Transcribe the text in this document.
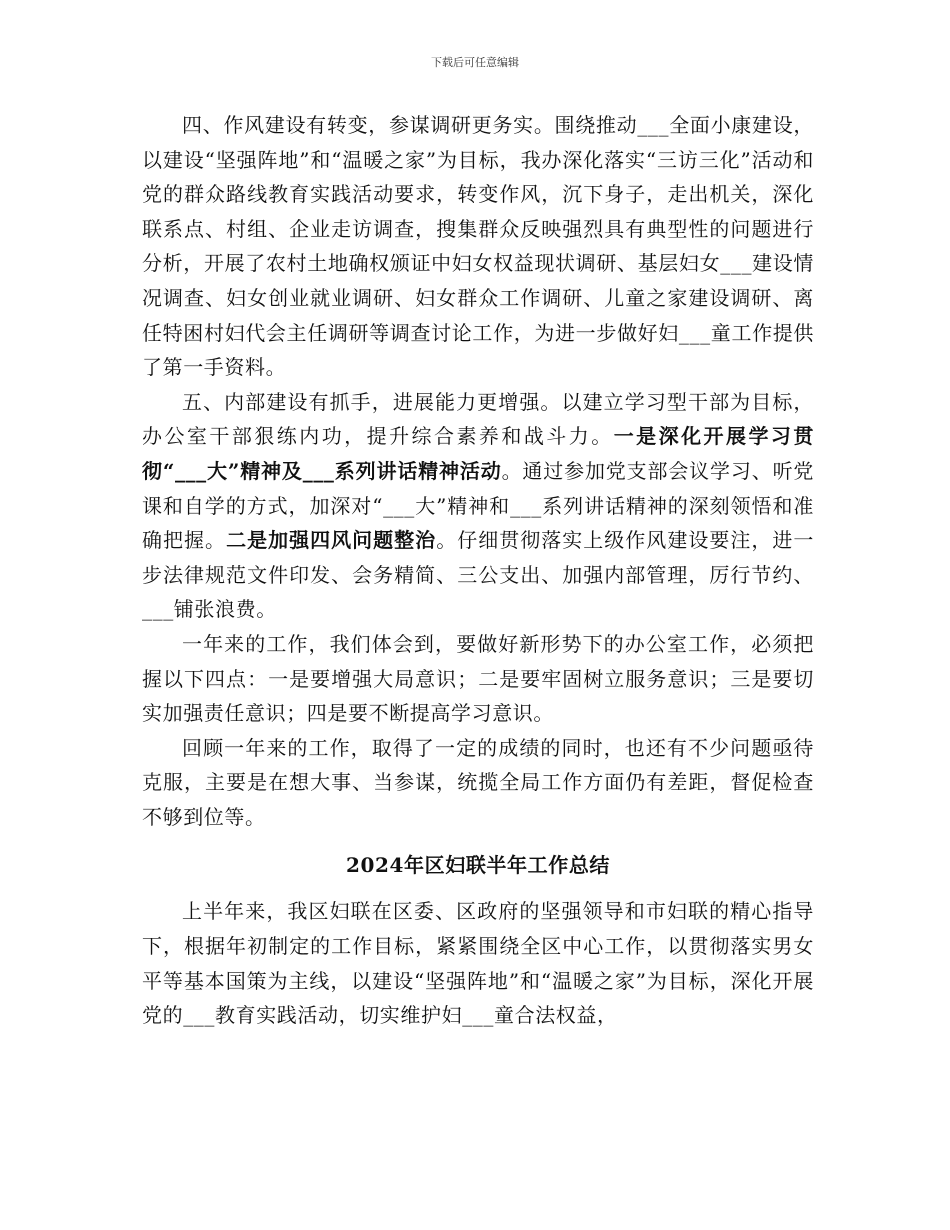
下载后可任意编辑

四、作风建设有转变，参谋调研更务实。围绕推动___全面小康建设，以建设“坚强阵地”和“温暖之家”为目标，我办深化落实“三访三化”活动和党的群众路线教育实践活动要求，转变作风，沉下身子，走出机关，深化联系点、村组、企业走访调查，搜集群众反映强烈具有典型性的问题进行分析，开展了农村土地确权颁证中妇女权益现状调研、基层妇女___建设情况调查、妇女创业就业调研、妇女群众工作调研、儿童之家建设调研、离任特困村妇代会主任调研等调查讨论工作，为进一步做好妇___童工作提供了第一手资料。

五、内部建设有抓手，进展能力更增强。以建立学习型干部为目标，办公室干部狠练内功，提升综合素养和战斗力。一是深化开展学习贯彻“___大”精神及___系列讲话精神活动。通过参加党支部会议学习、听党课和自学的方式，加深对“___大”精神和___系列讲话精神的深刻领悟和准确把握。二是加强四风问题整治。仔细贯彻落实上级作风建设要注，进一步法律规范文件印发、会务精简、三公支出、加强内部管理，厉行节约、___铺张浪费。

一年来的工作，我们体会到，要做好新形势下的办公室工作，必须把握以下四点：一是要增强大局意识；二是要牢固树立服务意识；三是要切实加强责任意识；四是要不断提高学习意识。

回顾一年来的工作，取得了一定的成绩的同时，也还有不少问题亟待克服，主要是在想大事、当参谋，统揽全局工作方面仍有差距，督促检查不够到位等。

2024年区妇联半年工作总结

上半年来，我区妇联在区委、区政府的坚强领导和市妇联的精心指导下，根据年初制定的工作目标，紧紧围绕全区中心工作，以贯彻落实男女平等基本国策为主线，以建设“坚强阵地”和“温暖之家”为目标，深化开展党的___教育实践活动，切实维护妇___童合法权益，
